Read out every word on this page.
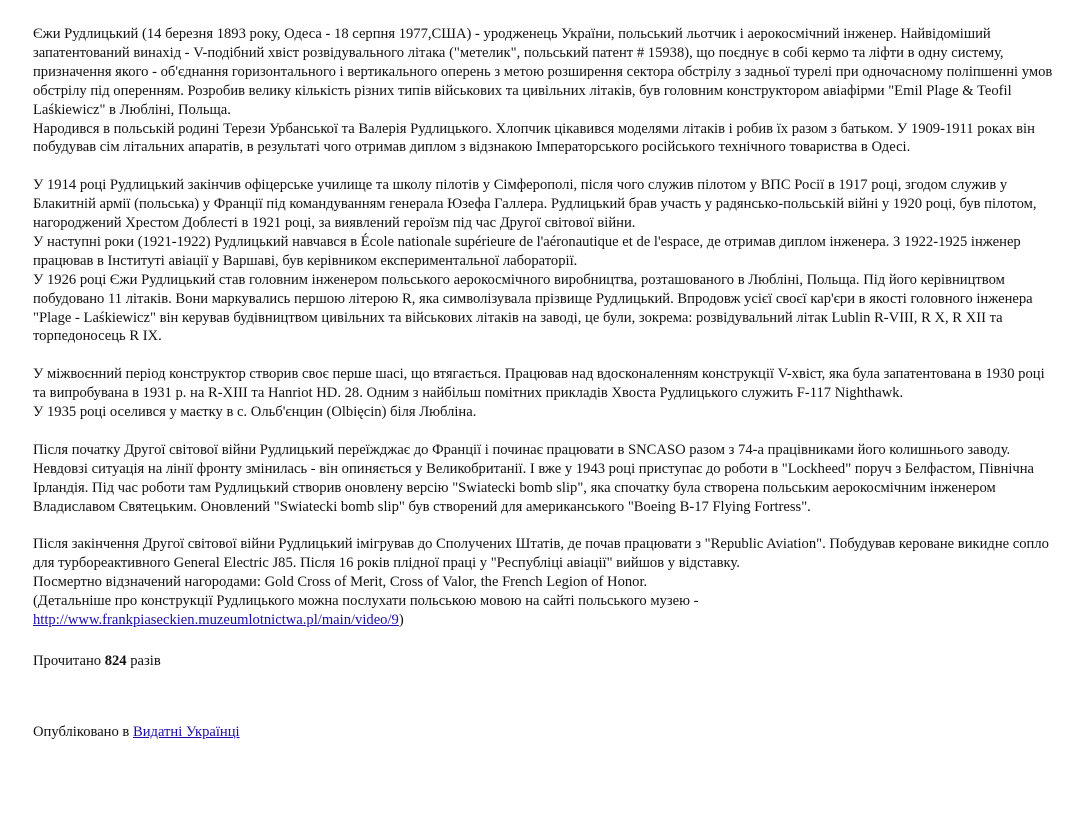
Єжи Рудлицький (14 березня 1893 року, Одеса - 18 серпня 1977,США) - уродженець України, польський льотчик і аерокосмічний інженер. Найвідоміший запатентований винахід - V-подібний хвіст розвідувального літака ("метелик", польський патент # 15938), що поєднує в собі кермо та ліфти в одну систему, призначення якого - об'єднання горизонтального і вертикального оперень з метою розширення сектора обстрілу з задньої турелі при одночасному поліпшенні умов обстрілу під оперенням. Розробив велику кількість різних типів військових та цивільних літаків, був головним конструктором авіафірми "Emil Plage & Teofil Laśkiewicz" в Любліні, Польща.

Народився в польській родині Терези Урбанської та Валерія Рудлицького. Хлопчик цікавився моделями літаків і робив їх разом з батьком. У 1909-1911 роках він побудував сім літальних апаратів, в результаті чого отримав диплом з відзнакою Імператорського російського технічного товариства в Одесі.

У 1914 році Рудлицький закінчив офіцерське училище та школу пілотів у Сімферополі, після чого служив пілотом у ВПС Росії в 1917 році, згодом служив у Блакитній армії (польська) у Франції під командуванням генерала Юзефа Галлера. Рудлицький брав участь у радянсько-польській війні у 1920 році, був пілотом, нагороджений Хрестом Доблесті в 1921 році, за виявлений героїзм під час Другої світової війни.

У наступні роки (1921-1922) Рудлицький навчався в École nationale supérieure de l'aéronautique et de l'espace, де отримав диплом інженера. З 1922-1925 інженер працював в Інституті авіації у Варшаві, був керівником експериментальної лабораторії.

У 1926 році Єжи Рудлицький став головним інженером польського аерокосмічного виробництва, розташованого в Любліні, Польща. Під його керівництвом побудовано 11 літаків. Вони маркувались першою літерою R, яка символізувала прізвище Рудлицький. Впродовж усієї своєї кар'єри в якості головного інженера "Plage - Laśkiewicz" він керував будівництвом цивільних та військових літаків на заводі, це були, зокрема: розвідувальний літак Lublin R-VIII, R X, R XII та торпедоносець R IX.

У міжвоєнний період конструктор створив своє перше шасі, що втягається. Працював над вдосконаленням конструкції V-хвіст, яка була запатентована в 1930 році та випробувана в 1931 р. на R-XIII та Hanriot HD. 28. Одним з найбільш помітних прикладів Хвоста Рудлицького служить F-117 Nighthawk.

У 1935 році оселився у маєтку в с. Ольб'єнцин (Olbięcin) біля Любліна.

Після початку Другої світової війни Рудлицький переїжджає до Франції і починає працювати в SNCASO разом з 74-а працівниками його колишнього заводу. Невдовзі ситуація на лінії фронту змінилась - він опиняється у Великобританії. І вже у 1943 році приступає до роботи в "Lockheed" поруч з Белфастом, Північна Ірландія. Під час роботи там Рудлицький створив оновлену версію "Swiatecki bomb slip", яка спочатку була створена польським аерокосмічним інженером Владиславом Святецьким. Оновлений "Swiatecki bomb slip" був створений для американського "Boeing B-17 Flying Fortress".

Після закінчення Другої світової війни Рудлицький імігрував до Сполучених Штатів, де почав працювати з "Republic Aviation". Побудував кероване викидне сопло для турбореактивного General Electric J85. Після 16 років плідної праці у "Республіці авіації" вийшов у відставку.

Посмертно відзначений нагородами: Gold Cross of Merit, Cross of Valor, the French Legion of Honor.

(Детальніше про конструкції Рудлицького можна послухати польською мовою на сайті польського музею -
http://www.frankpiaseckien.muzeumlotnictwa.pl/main/video/9)

Прочитано 824 разів
Опубліковано в Видатні Українці
